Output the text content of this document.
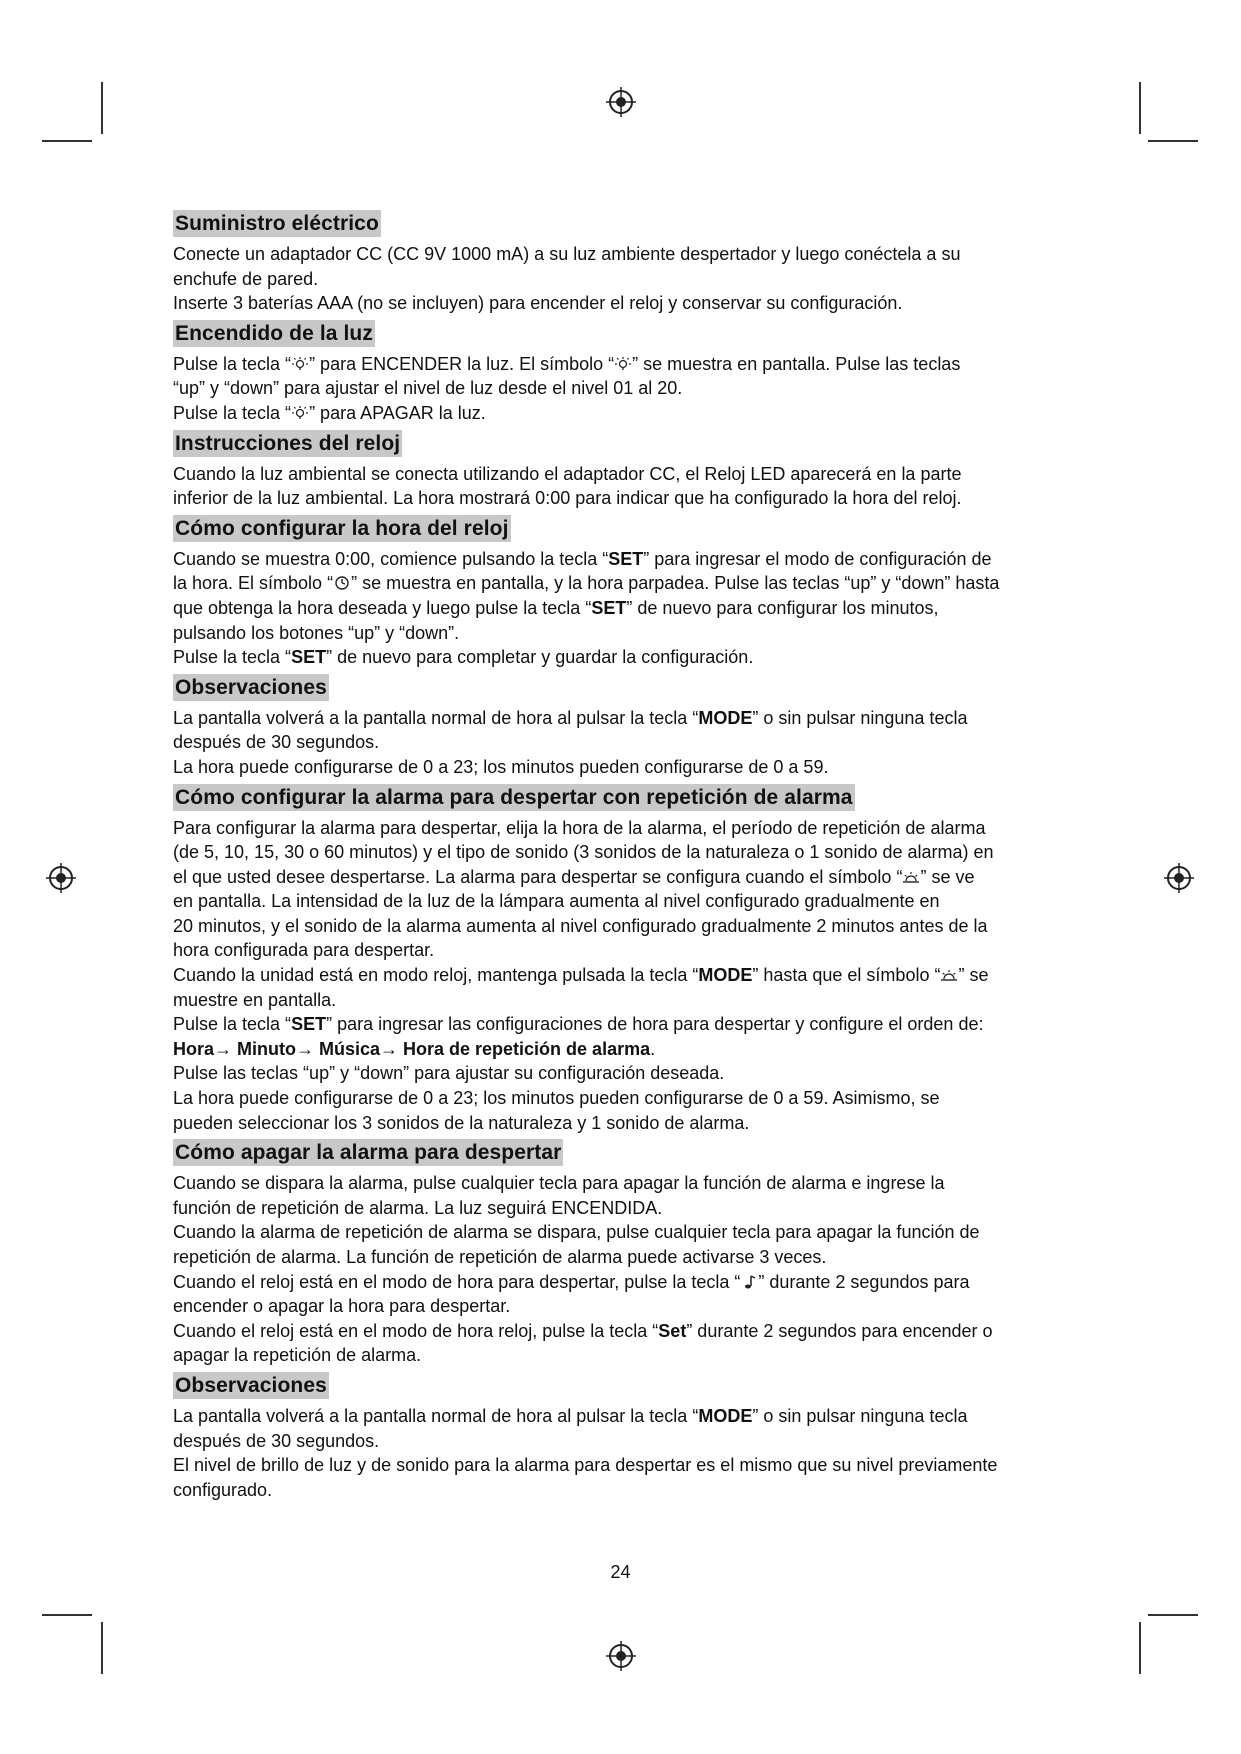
Suministro eléctrico

Conecte un adaptador CC (CC 9V 1000 mA) a su luz ambiente despertador y luego conéctela a su

enchufe de pared.

Inserte 3 baterías AAA (no se incluyen) para encender el reloj y conservar su configuración.

Encendido de la luz

Pulse la tecla “ ” para ENCENDER la luz. El símbolo “ ” se muestra en pantalla. Pulse las teclas

“up” y “down” para ajustar el nivel de luz desde el nivel 01 al 20.

Pulse la tecla “ ” para APAGAR la luz.

Instrucciones del reloj

Cuando la luz ambiental se conecta utilizando el adaptador CC, el Reloj LED aparecerá en la parte

inferior de la luz ambiental. La hora mostrará 0:00 para indicar que ha configurado la hora del reloj.

Cómo configurar la hora del reloj

Cuando se muestra 0:00, comience pulsando la tecla “SET” para ingresar el modo de configuración de

la hora. El símbolo “ ” se muestra en pantalla, y la hora parpadea. Pulse las teclas “up” y “down” hasta

que obtenga la hora deseada y luego pulse la tecla “SET” de nuevo para configurar los minutos,

pulsando los botones “up” y “down”.

Pulse la tecla “SET” de nuevo para completar y guardar la configuración.

Observaciones

La pantalla volverá a la pantalla normal de hora al pulsar la tecla “MODE” o sin pulsar ninguna tecla

después de 30 segundos.

La hora puede configurarse de 0 a 23; los minutos pueden configurarse de 0 a 59.

Cómo configurar la alarma para despertar con repetición de alarma

Para configurar la alarma para despertar, elija la hora de la alarma, el período de repetición de alarma

(de 5, 10, 15, 30 o 60 minutos) y el tipo de sonido (3 sonidos de la naturaleza o 1 sonido de alarma) en

el que usted desee despertarse. La alarma para despertar se configura cuando el símbolo “ ” se ve

en pantalla. La intensidad de la luz de la lámpara aumenta al nivel configurado gradualmente en

20 minutos, y el sonido de la alarma aumenta al nivel configurado gradualmente 2 minutos antes de la

hora configurada para despertar.

Cuando la unidad está en modo reloj, mantenga pulsada la tecla “MODE” hasta que el símbolo “ ” se

muestre en pantalla.

Pulse la tecla “SET” para ingresar las configuraciones de hora para despertar y configure el orden de:

Hora→ Minuto→ Música→ Hora de repetición de alarma.

Pulse las teclas “up” y “down” para ajustar su configuración deseada.

La hora puede configurarse de 0 a 23; los minutos pueden configurarse de 0 a 59. Asimismo, se

pueden seleccionar los 3 sonidos de la naturaleza y 1 sonido de alarma.

Cómo apagar la alarma para despertar

Cuando se dispara la alarma, pulse cualquier tecla para apagar la función de alarma e ingrese la

función de repetición de alarma. La luz seguirá ENCENDIDA.

Cuando la alarma de repetición de alarma se dispara, pulse cualquier tecla para apagar la función de

repetición de alarma. La función de repetición de alarma puede activarse 3 veces.

Cuando el reloj está en el modo de hora para despertar, pulse la tecla “ ” durante 2 segundos para

encender o apagar la hora para despertar.

Cuando el reloj está en el modo de hora reloj, pulse la tecla “Set” durante 2 segundos para encender o

apagar la repetición de alarma.

Observaciones

La pantalla volverá a la pantalla normal de hora al pulsar la tecla “MODE” o sin pulsar ninguna tecla

después de 30 segundos.

El nivel de brillo de luz y de sonido para la alarma para despertar es el mismo que su nivel previamente

configurado.

24
